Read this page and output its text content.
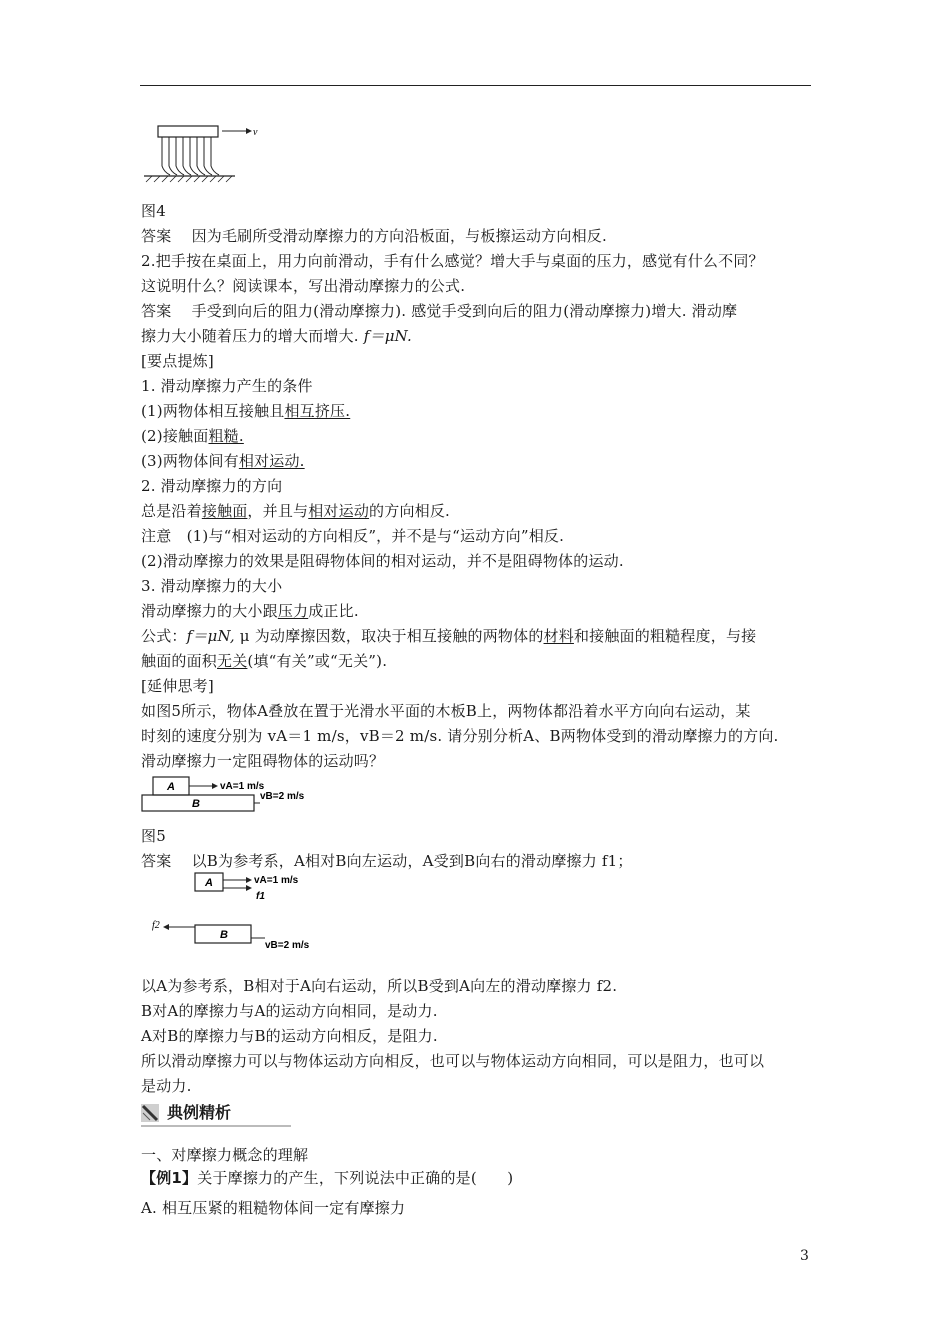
v
图4
答案　 因为毛刷所受滑动摩擦力的方向沿板面，与板擦运动方向相反.
2.把手按在桌面上，用力向前滑动，手有什么感觉？增大手与桌面的压力，感觉有什么不同？
这说明什么？阅读课本，写出滑动摩擦力的公式.
答案　 手受到向后的阻力(滑动摩擦力). 感觉手受到向后的阻力(滑动摩擦力)增大. 滑动摩
擦力大小随着压力的增大而增大. f＝μN.
[要点提炼]
1. 滑动摩擦力产生的条件
(1)两物体相互接触且相互挤压.
(2)接触面粗糙.
(3)两物体间有相对运动.
2. 滑动摩擦力的方向
总是沿着接触面，并且与相对运动的方向相反.
注意　(1)与“相对运动的方向相反”，并不是与“运动方向”相反.
(2)滑动摩擦力的效果是阻碍物体间的相对运动，并不是阻碍物体的运动.
3. 滑动摩擦力的大小
滑动摩擦力的大小跟压力成正比.
公式：f＝μN, μ 为动摩擦因数，取决于相互接触的两物体的材料和接触面的粗糙程度，与接
触面的面积无关(填“有关”或“无关”).
[延伸思考]
如图5所示，物体A叠放在置于光滑水平面的木板B上，两物体都沿着水平方向向右运动，某
时刻的速度分别为 vA＝1 m/s，vB＝2 m/s. 请分别分析A、B两物体受到的滑动摩擦力的方向.
滑动摩擦力一定阻碍物体的运动吗？
A
B
vA=1 m/s
vB=2 m/s
图5
答案　 以B为参考系，A相对B向左运动，A受到B向右的滑动摩擦力 f1；
A	vA=1 m/s
f1
B
f2
vB=2 m/s
以A为参考系，B相对于A向右运动，所以B受到A向左的滑动摩擦力 f2.
B对A的摩擦力与A的运动方向相同，是动力.
A对B的摩擦力与B的运动方向相反，是阻力.
所以滑动摩擦力可以与物体运动方向相反，也可以与物体运动方向相同，可以是阻力，也可以
是动力.
典例精析
一、对摩擦力概念的理解
【例1】关于摩擦力的产生，下列说法中正确的是(　　)
A. 相互压紧的粗糙物体间一定有摩擦力
3
